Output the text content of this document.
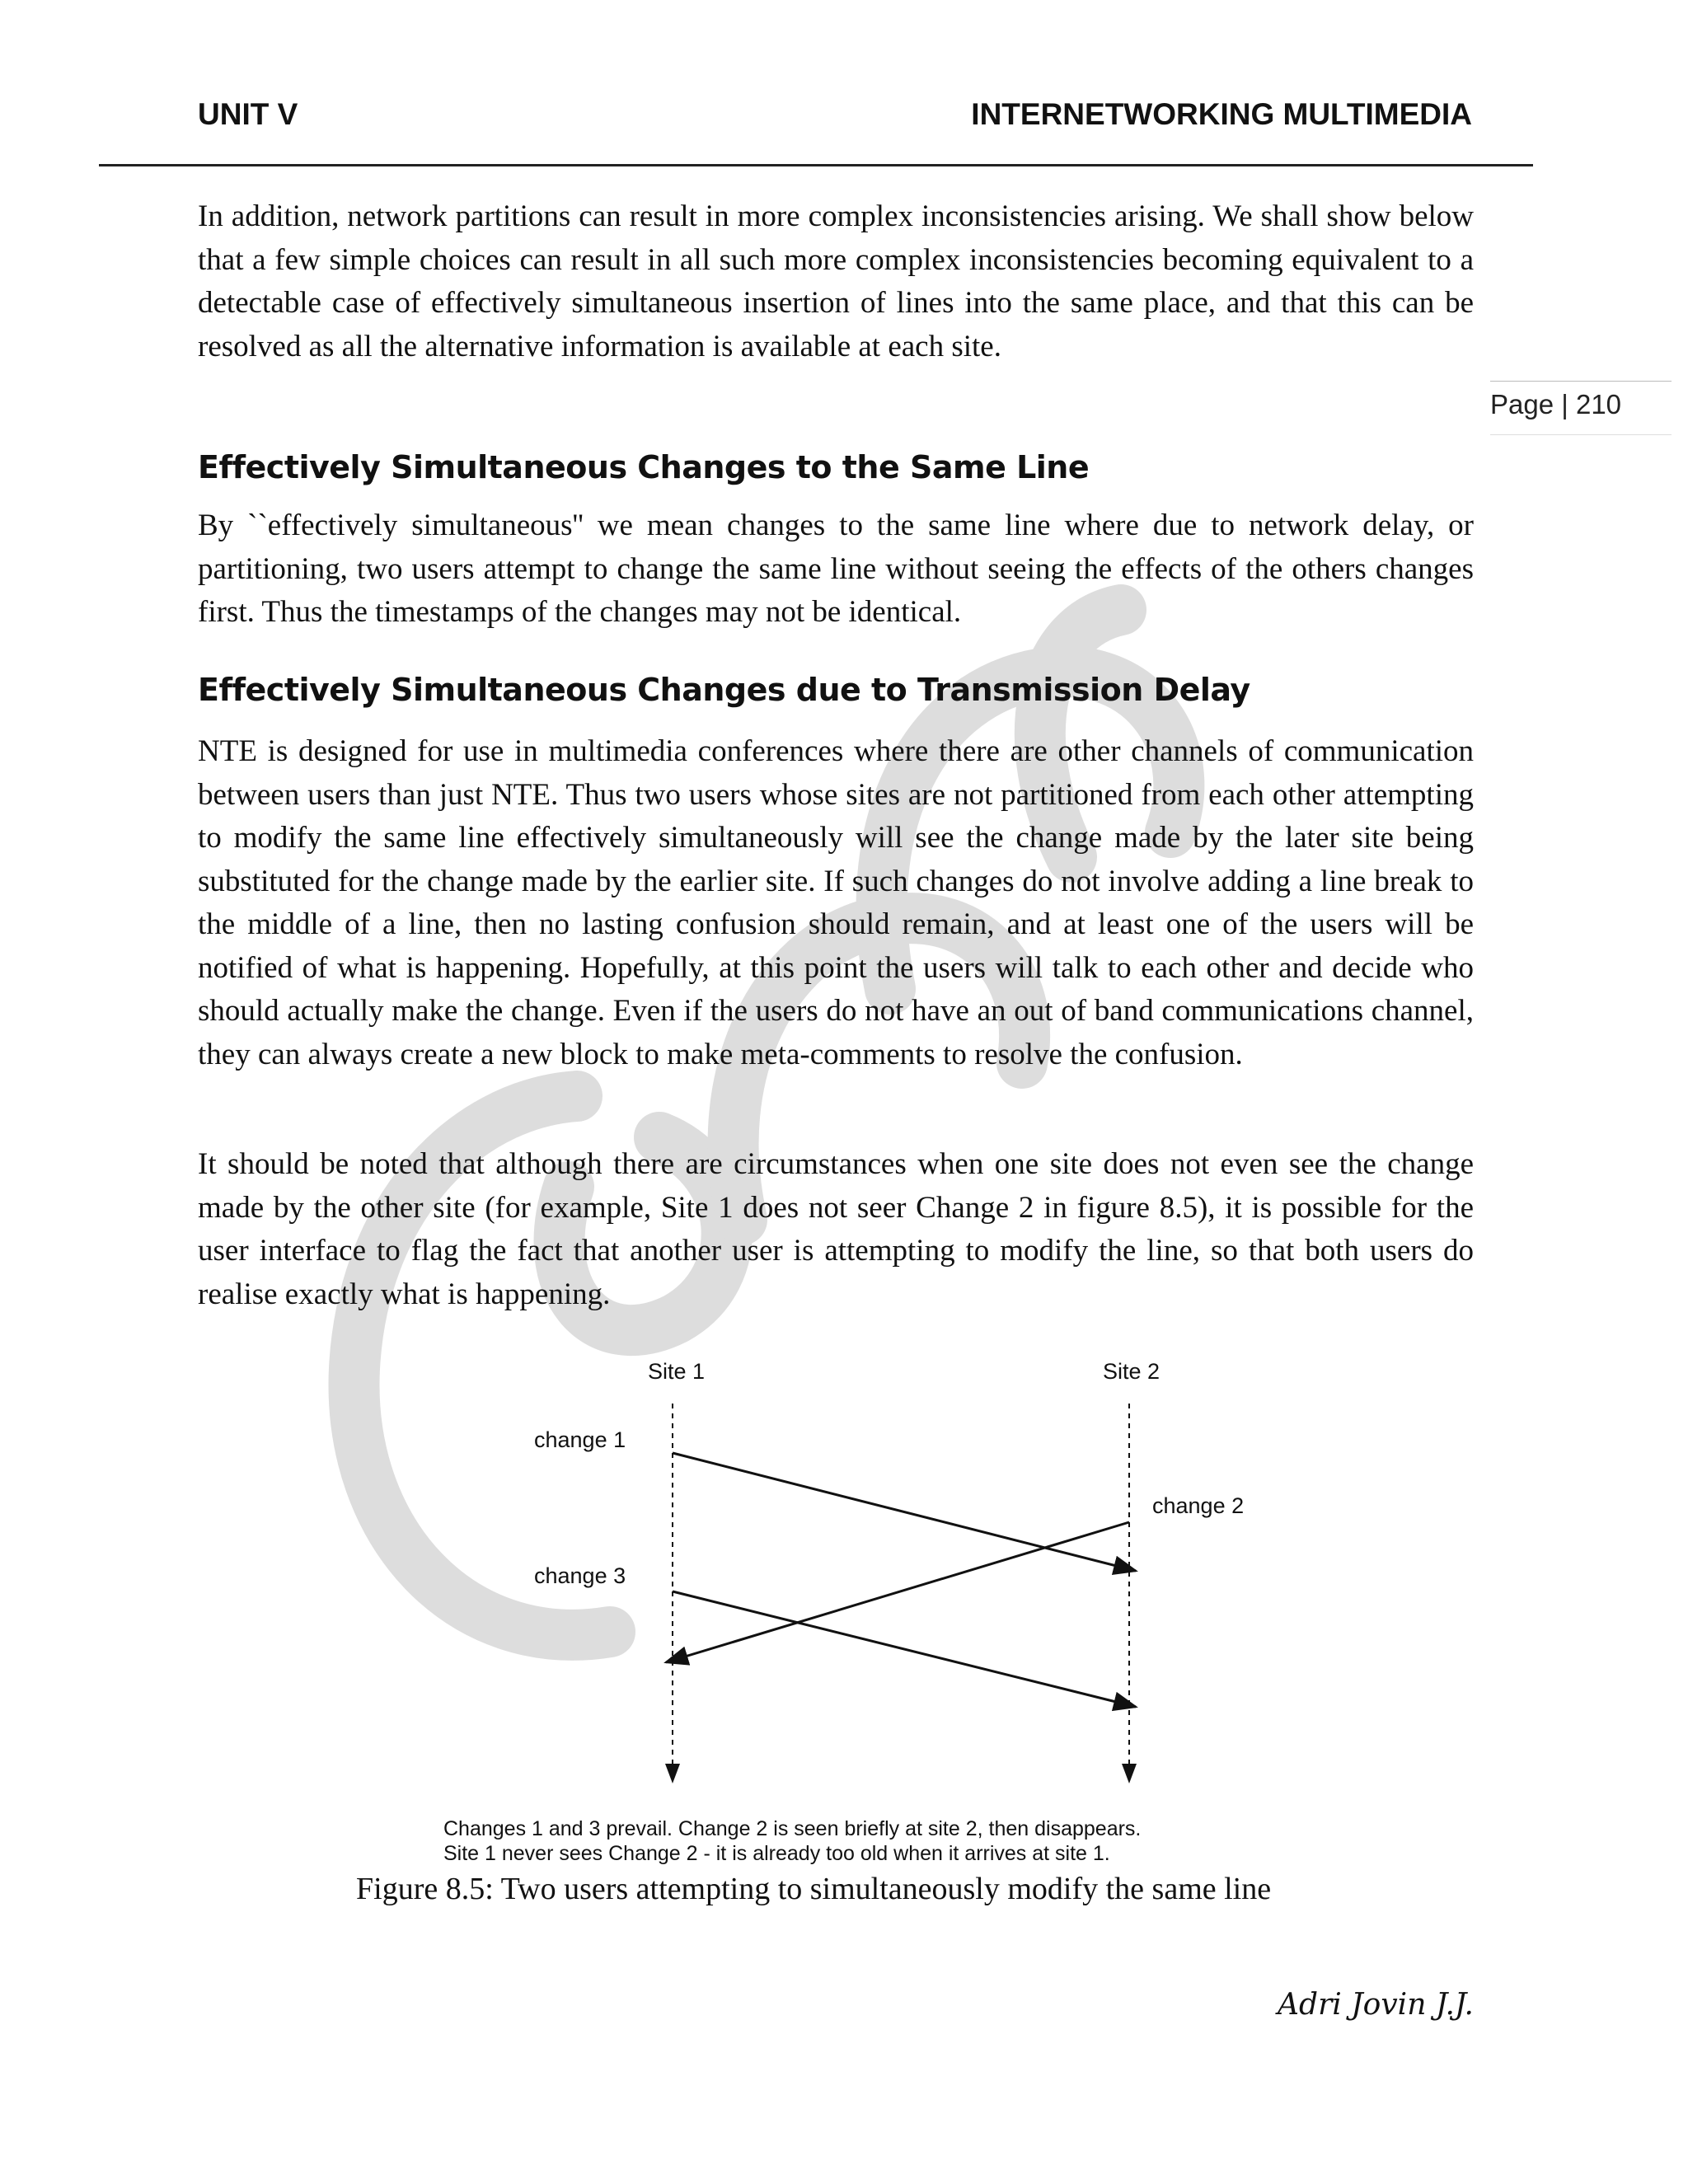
UNIT V	INTERNETWORKING MULTIMEDIA
Page | 210

In addition, network partitions can result in more complex inconsistencies arising. We shall show below that a few simple choices can result in all such more complex inconsistencies becoming equivalent to a detectable case of effectively simultaneous insertion of lines into the same place, and that this can be resolved as all the alternative information is available at each site.

Effectively Simultaneous Changes to the Same Line

By ``effectively simultaneous'' we mean changes to the same line where due to network delay, or partitioning, two users attempt to change the same line without seeing the effects of the others changes first. Thus the timestamps of the changes may not be identical.

Effectively Simultaneous Changes due to Transmission Delay

NTE is designed for use in multimedia conferences where there are other channels of communication between users than just NTE. Thus two users whose sites are not partitioned from each other attempting to modify the same line effectively simultaneously will see the change made by the later site being substituted for the change made by the earlier site. If such changes do not involve adding a line break to the middle of a line, then no lasting confusion should remain, and at least one of the users will be notified of what is happening. Hopefully, at this point the users will talk to each other and decide who should actually make the change. Even if the users do not have an out of band communications channel, they can always create a new block to make meta-comments to resolve the confusion.

It should be noted that although there are circumstances when one site does not even see the change made by the other site (for example, Site 1 does not seer Change 2 in figure 8.5), it is possible for the user interface to flag the fact that another user is attempting to modify the line, so that both users do realise exactly what is happening.

Site 1	Site 2
change 1
change 2
change 3
Changes 1 and 3 prevail. Change 2 is seen briefly at site 2, then disappears.
Site 1 never sees Change 2 - it is already too old when it arrives at site 1.
Figure 8.5: Two users attempting to simultaneously modify the same line
Adri Jovin J.J.
